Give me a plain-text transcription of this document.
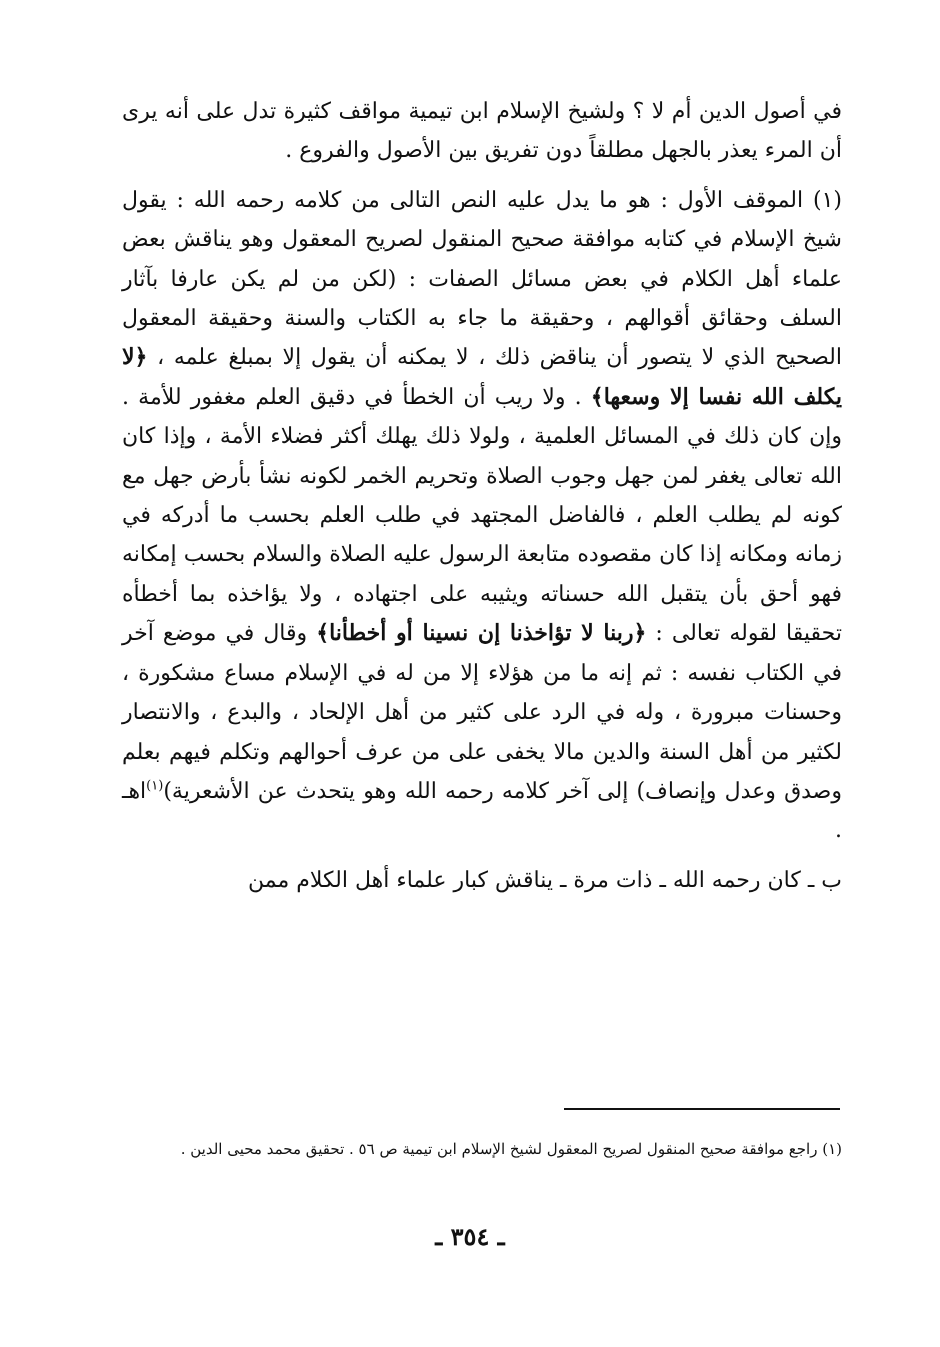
في أصول الدين أم لا ؟ ولشيخ الإسلام ابن تيمية مواقف كثيرة تدل على أنه يرى أن المرء يعذر بالجهل مطلقاً دون تفريق بين الأصول والفروع .

(١) الموقف الأول : هو ما يدل عليه النص التالى من كلامه رحمه الله : يقول شيخ الإسلام في كتابه موافقة صحيح المنقول لصريح المعقول وهو يناقش بعض علماء أهل الكلام في بعض مسائل الصفات : (لكن من لم يكن عارفا بآثار السلف وحقائق أقوالهم ، وحقيقة ما جاء به الكتاب والسنة وحقيقة المعقول الصحيح الذي لا يتصور أن يناقض ذلك ، لا يمكنه أن يقول إلا بمبلغ علمه ، ﴿لا يكلف الله نفسا إلا وسعها﴾ . ولا ريب أن الخطأ في دقيق العلم مغفور للأمة . وإن كان ذلك في المسائل العلمية ، ولولا ذلك يهلك أكثر فضلاء الأمة ، وإذا كان الله تعالى يغفر لمن جهل وجوب الصلاة وتحريم الخمر لكونه نشأ بأرض جهل مع كونه لم يطلب العلم ، فالفاضل المجتهد في طلب العلم بحسب ما أدركه في زمانه ومكانه إذا كان مقصوده متابعة الرسول عليه الصلاة والسلام بحسب إمكانه فهو أحق بأن يتقبل الله حسناته ويثيبه على اجتهاده ، ولا يؤاخذه بما أخطأه تحقيقا لقوله تعالى : ﴿ربنا لا تؤاخذنا إن نسينا أو أخطأنا﴾ وقال في موضع آخر في الكتاب نفسه : ثم إنه ما من هؤلاء إلا من له في الإسلام مساع مشكورة ، وحسنات مبرورة ، وله في الرد على كثير من أهل الإلحاد ، والبدع ، والانتصار لكثير من أهل السنة والدين مالا يخفى على من عرف أحوالهم وتكلم فيهم بعلم وصدق وعدل وإنصاف) إلى آخر كلامه رحمه الله وهو يتحدث عن الأشعرية)$^{(١)}$اهـ .

ب ـ كان رحمه الله ـ ذات مرة ـ يناقش كبار علماء أهل الكلام ممن

(١) راجع موافقة صحيح المنقول لصريح المعقول لشيخ الإسلام ابن تيمية ص ٥٦ . تحقيق محمد محيى الدين .
ـ ٣٥٤ ـ
